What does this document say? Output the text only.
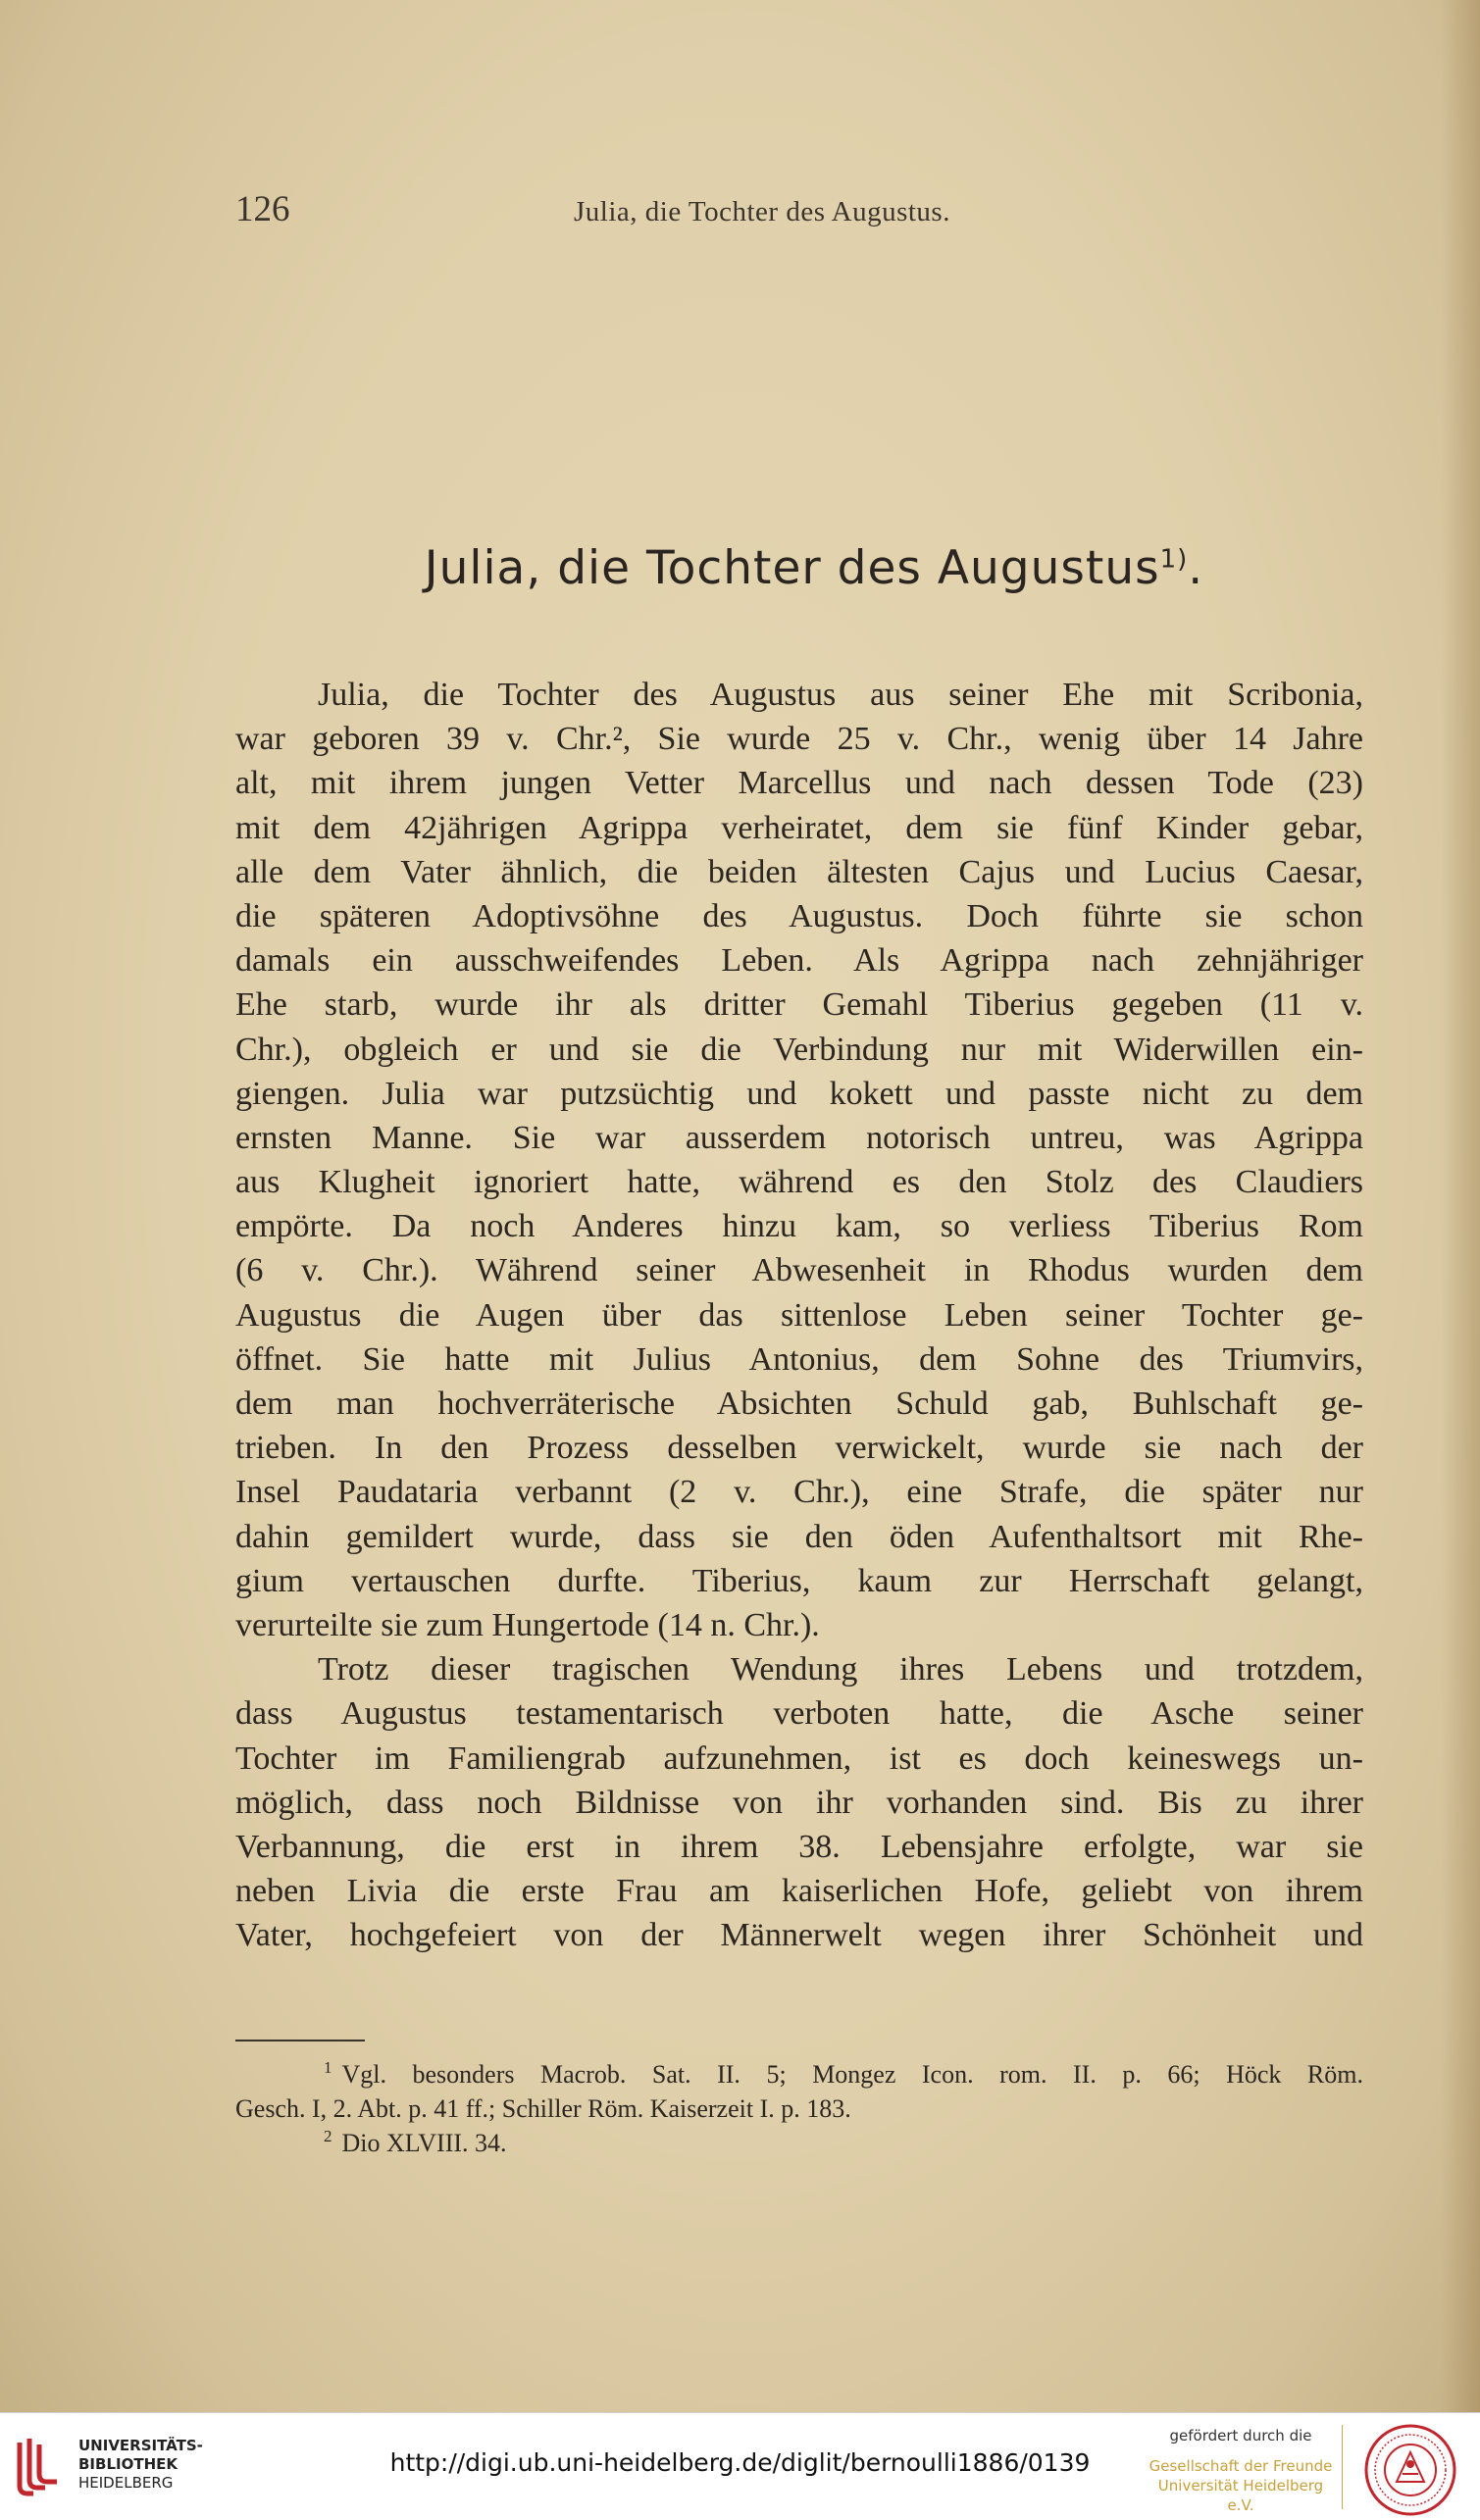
126	Julia, die Tochter des Augustus.
Julia, die Tochter des Augustus$^{1)}$.
Julia, die Tochter des Augustus aus seiner Ehe mit Scribonia,
war geboren 39 v. Chr.², Sie wurde 25 v. Chr., wenig über 14 Jahre
alt, mit ihrem jungen Vetter Marcellus und nach dessen Tode (23)
mit dem 42jährigen Agrippa verheiratet, dem sie fünf Kinder gebar,
alle dem Vater ähnlich, die beiden ältesten Cajus und Lucius Caesar,
die späteren Adoptivsöhne des Augustus. Doch führte sie schon
damals ein ausschweifendes Leben. Als Agrippa nach zehnjähriger
Ehe starb, wurde ihr als dritter Gemahl Tiberius gegeben (11 v.
Chr.), obgleich er und sie die Verbindung nur mit Widerwillen ein-
giengen. Julia war putzsüchtig und kokett und passte nicht zu dem
ernsten Manne. Sie war ausserdem notorisch untreu, was Agrippa
aus Klugheit ignoriert hatte, während es den Stolz des Claudiers
empörte. Da noch Anderes hinzu kam, so verliess Tiberius Rom
(6 v. Chr.). Während seiner Abwesenheit in Rhodus wurden dem
Augustus die Augen über das sittenlose Leben seiner Tochter ge-
öffnet. Sie hatte mit Julius Antonius, dem Sohne des Triumvirs,
dem man hochverräterische Absichten Schuld gab, Buhlschaft ge-
trieben. In den Prozess desselben verwickelt, wurde sie nach der
Insel Paudataria verbannt (2 v. Chr.), eine Strafe, die später nur
dahin gemildert wurde, dass sie den öden Aufenthaltsort mit Rhe-
gium vertauschen durfte. Tiberius, kaum zur Herrschaft gelangt,
verurteilte sie zum Hungertode (14 n. Chr.).
Trotz dieser tragischen Wendung ihres Lebens und trotzdem,
dass Augustus testamentarisch verboten hatte, die Asche seiner
Tochter im Familiengrab aufzunehmen, ist es doch keineswegs un-
möglich, dass noch Bildnisse von ihr vorhanden sind. Bis zu ihrer
Verbannung, die erst in ihrem 38. Lebensjahre erfolgte, war sie
neben Livia die erste Frau am kaiserlichen Hofe, geliebt von ihrem
Vater, hochgefeiert von der Männerwelt wegen ihrer Schönheit und
$^1$ Vgl. besonders Macrob. Sat. II. 5; Mongez Icon. rom. II. p. 66; Höck Röm.
Gesch. I, 2. Abt. p. 41 ff.; Schiller Röm. Kaiserzeit I. p. 183.
$^2$ Dio XLVIII. 34.
UNIVERSITÄTS-
BIBLIOTHEK
HEIDELBERG
http://digi.ub.uni-heidelberg.de/diglit/bernoulli1886/0139
gefördert durch die
Gesellschaft der Freunde
Universität Heidelberg e.V.
